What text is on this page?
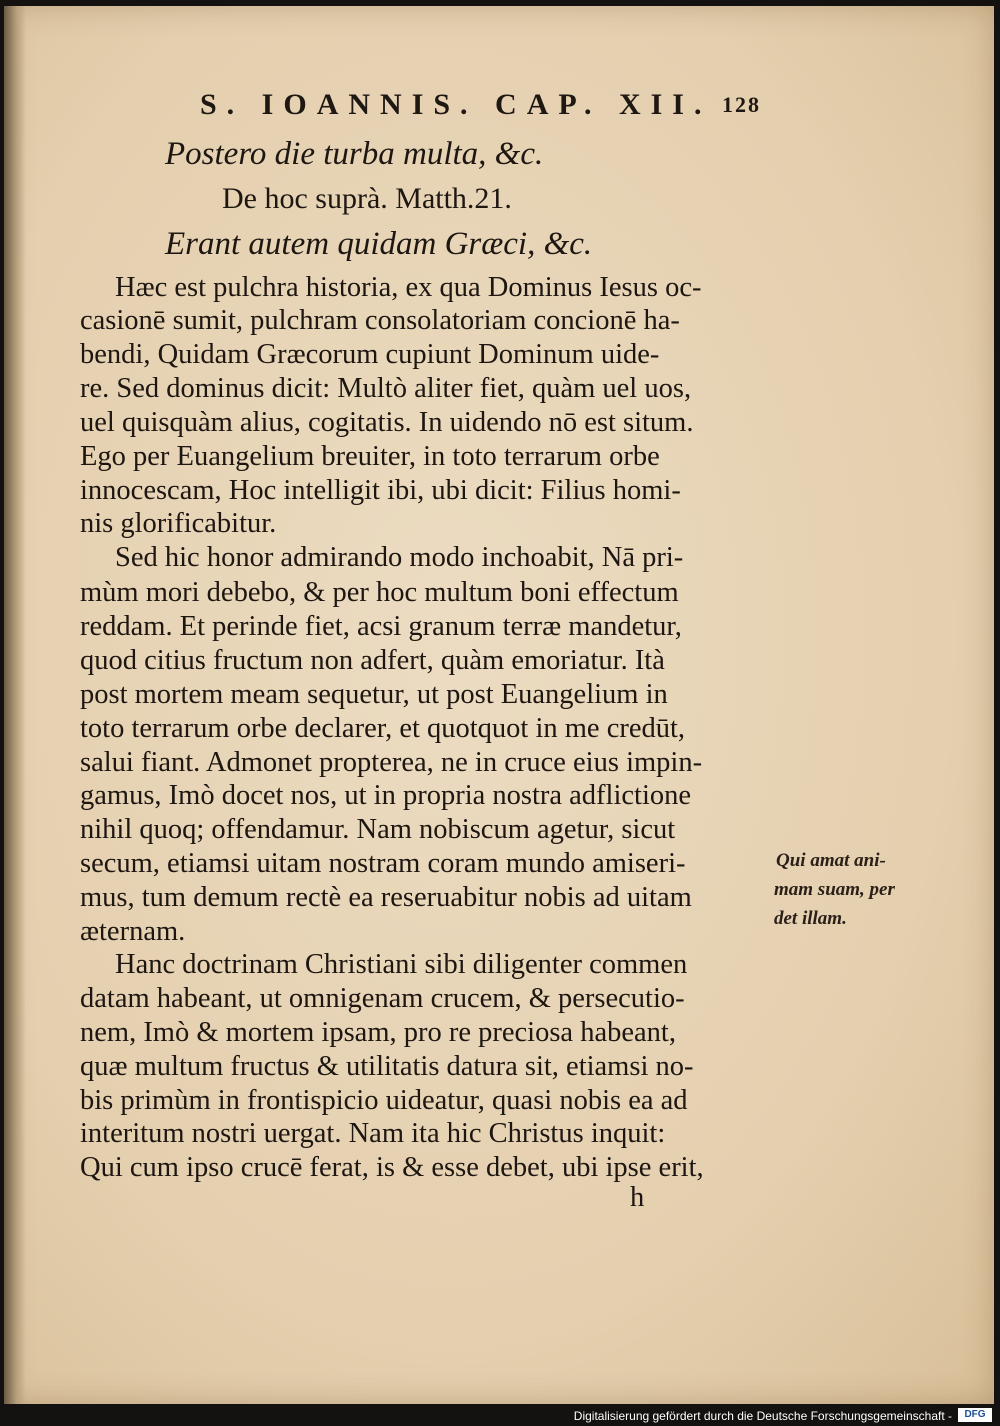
S. IOANNIS. CAP. XII. 128
Postero die turba multa, &c.
De hoc suprà. Matth.21.
Erant autem quidam Græci, &c.
Hæc est pulchra historia, ex qua Dominus Iesus oc-
casionē sumit, pulchram consolatoriam concionē ha-
bendi, Quidam Græcorum cupiunt Dominum uide-
re. Sed dominus dicit: Multò aliter fiet, quàm uel uos,
uel quisquàm alius, cogitatis. In uidendo nō est situm.
Ego per Euangelium breuiter, in toto terrarum orbe
innocescam, Hoc intelligit ibi, ubi dicit: Filius homi-
nis glorificabitur.
Sed hic honor admirando modo inchoabit, Nā pri-
mùm mori debebo, & per hoc multum boni effectum
reddam. Et perinde fiet, acsi granum terræ mandetur,
quod citius fructum non adfert, quàm emoriatur. Ità
post mortem meam sequetur, ut post Euangelium in
toto terrarum orbe declarer, et quotquot in me credūt,
salui fiant. Admonet propterea, ne in cruce eius impin-
gamus, Imò docet nos, ut in propria nostra adflictione
nihil quoq; offendamur. Nam nobiscum agetur, sicut
secum, etiamsi uitam nostram coram mundo amiseri-
mus, tum demum rectè ea reseruabitur nobis ad uitam
æternam.
Hanc doctrinam Christiani sibi diligenter commen
datam habeant, ut omnigenam crucem, & persecutio-
nem, Imò & mortem ipsam, pro re preciosa habeant,
quæ multum fructus & utilitatis datura sit, etiamsi no-
bis primùm in frontispicio uideatur, quasi nobis ea ad
interitum nostri uergat. Nam ita hic Christus inquit:
Qui cum ipso crucē ferat, is & esse debet, ubi ipse erit,
h
Qui amat ani-
mam suam, per
det illam.
Digitalisierung gefördert durch die Deutsche Forschungsgemeinschaft -	DFG
